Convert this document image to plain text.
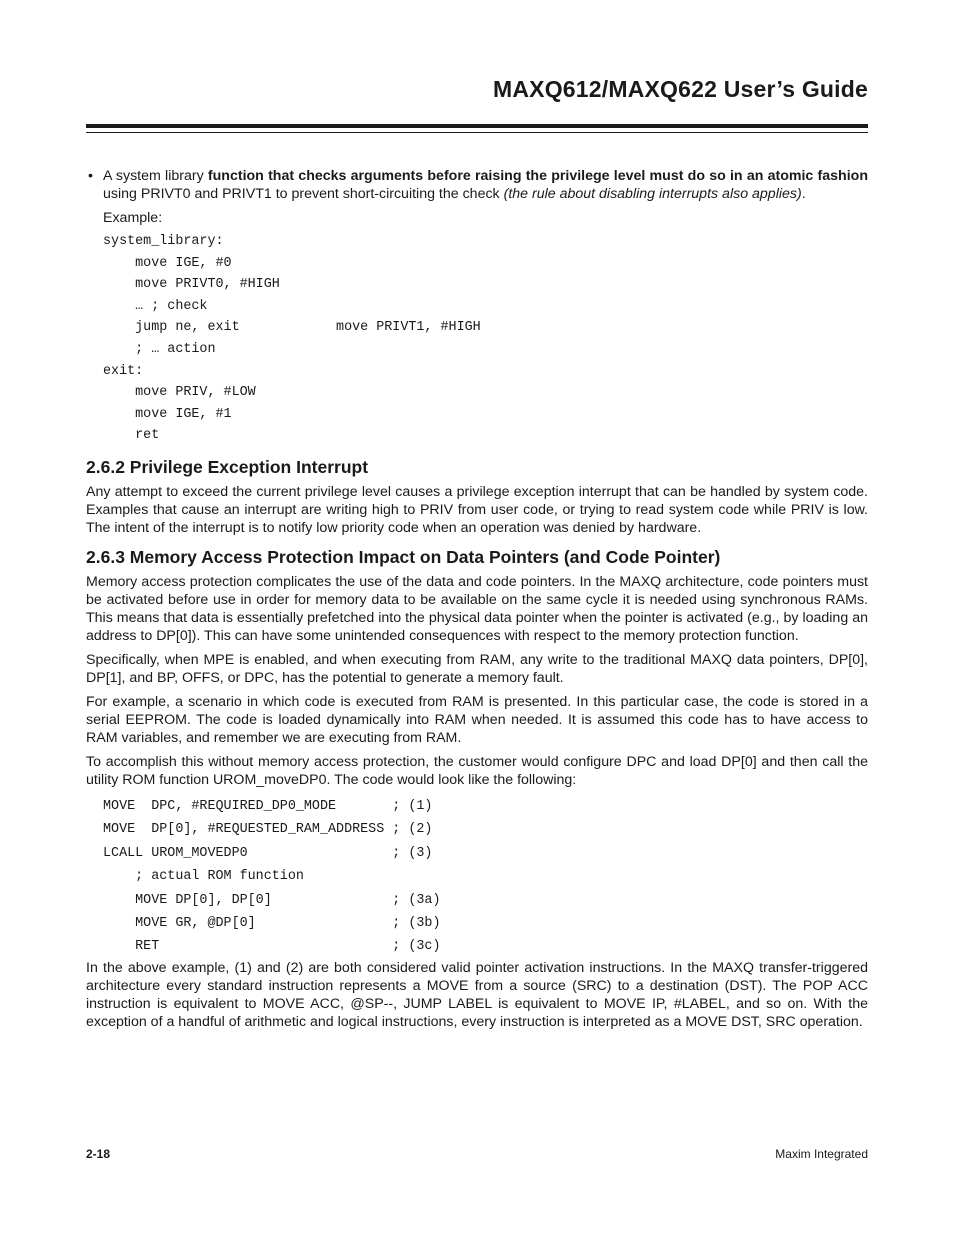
MAXQ612/MAXQ622 User’s Guide

• A system library function that checks arguments before raising the privilege level must do so in an atomic fashion using PRIVT0 and PRIVT1 to prevent short-circuiting the check (the rule about disabling interrupts also applies).

Example:

system_library:
move IGE, #0
move PRIVT0, #HIGH
… ; check
jump ne, exit            move PRIVT1, #HIGH
; … action
exit:
move PRIV, #LOW
move IGE, #1
ret
2.6.2 Privilege Exception Interrupt

Any attempt to exceed the current privilege level causes a privilege exception interrupt that can be handled by system code. Examples that cause an interrupt are writing high to PRIV from user code, or trying to read system code while PRIV is low. The intent of the interrupt is to notify low priority code when an operation was denied by hardware.

2.6.3 Memory Access Protection Impact on Data Pointers (and Code Pointer)

Memory access protection complicates the use of the data and code pointers. In the MAXQ architecture, code pointers must be activated before use in order for memory data to be available on the same cycle it is needed using synchronous RAMs. This means that data is essentially prefetched into the physical data pointer when the pointer is activated (e.g., by loading an address to DP[0]). This can have some unintended consequences with respect to the memory protection function.

Specifically, when MPE is enabled, and when executing from RAM, any write to the traditional MAXQ data pointers, DP[0], DP[1], and BP, OFFS, or DPC, has the potential to generate a memory fault.

For example, a scenario in which code is executed from RAM is presented. In this particular case, the code is stored in a serial EEPROM. The code is loaded dynamically into RAM when needed. It is assumed this code has to have access to RAM variables, and remember we are executing from RAM.

To accomplish this without memory access protection, the customer would configure DPC and load DP[0] and then call the utility ROM function UROM_moveDP0. The code would look like the following:

MOVE  DPC, #REQUIRED_DP0_MODE       ; (1)
MOVE  DP[0], #REQUESTED_RAM_ADDRESS ; (2)
LCALL UROM_MOVEDP0                  ; (3)
; actual ROM function
MOVE DP[0], DP[0]               ; (3a)
MOVE GR, @DP[0]                 ; (3b)
RET                             ; (3c)

In the above example, (1) and (2) are both considered valid pointer activation instructions. In the MAXQ transfer-triggered architecture every standard instruction represents a MOVE from a source (SRC) to a destination (DST). The POP ACC instruction is equivalent to MOVE ACC, @SP--, JUMP LABEL is equivalent to MOVE IP, #LABEL, and so on. With the exception of a handful of arithmetic and logical instructions, every instruction is interpreted as a MOVE DST, SRC operation.

2-18	Maxim Integrated
